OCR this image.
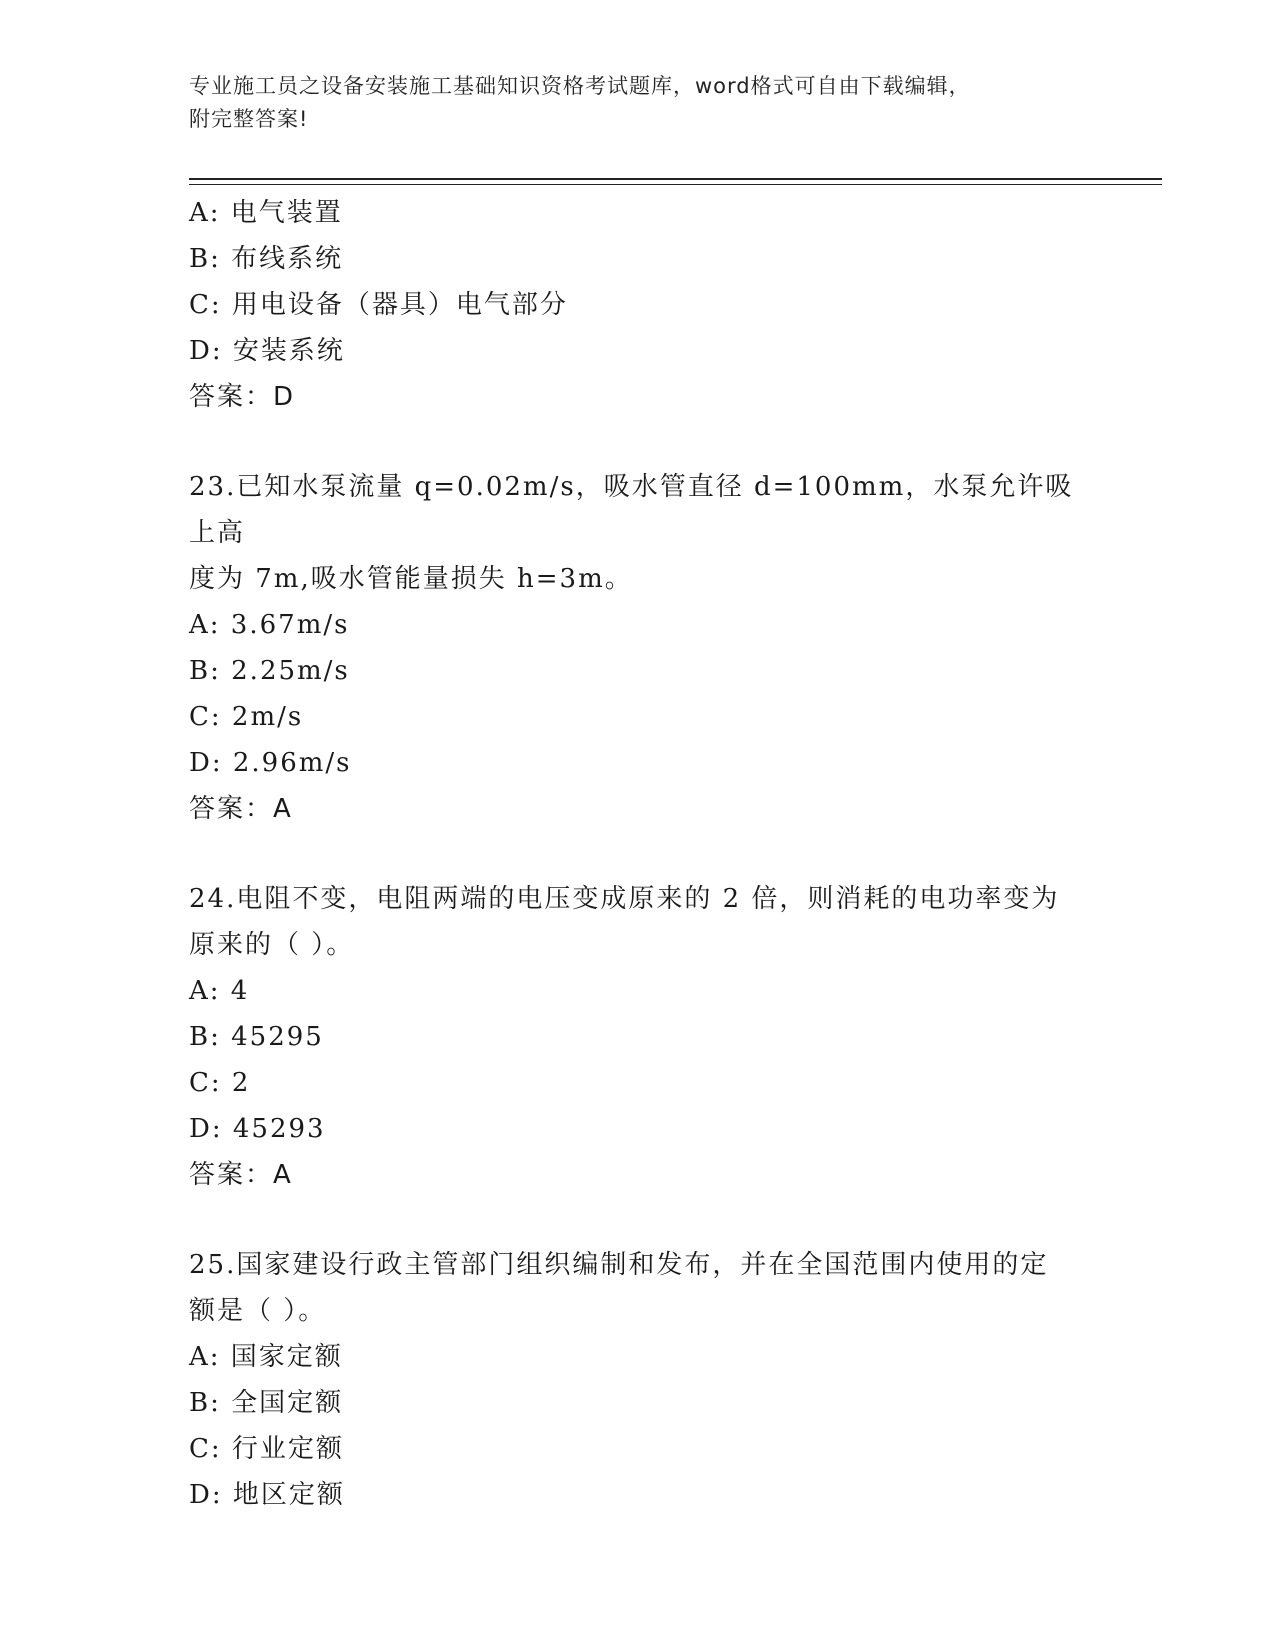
专业施工员之设备安装施工基础知识资格考试题库，word格式可自由下载编辑，
附完整答案!
A: 电气装置
B: 布线系统
C: 用电设备（器具）电气部分
D: 安装系统
答案：D
23.已知水泵流量 q=0.02m/s，吸水管直径 d=100mm，水泵允许吸上高
度为 7m,吸水管能量损失 h=3m。
A: 3.67m/s
B: 2.25m/s
C: 2m/s
D: 2.96m/s
答案：A
24.电阻不变，电阻两端的电压变成原来的 2 倍，则消耗的电功率变为
原来的（ ）。
A: 4
B: 45295
C: 2
D: 45293
答案：A
25.国家建设行政主管部门组织编制和发布，并在全国范围内使用的定
额是（ ）。
A: 国家定额
B: 全国定额
C: 行业定额
D: 地区定额
